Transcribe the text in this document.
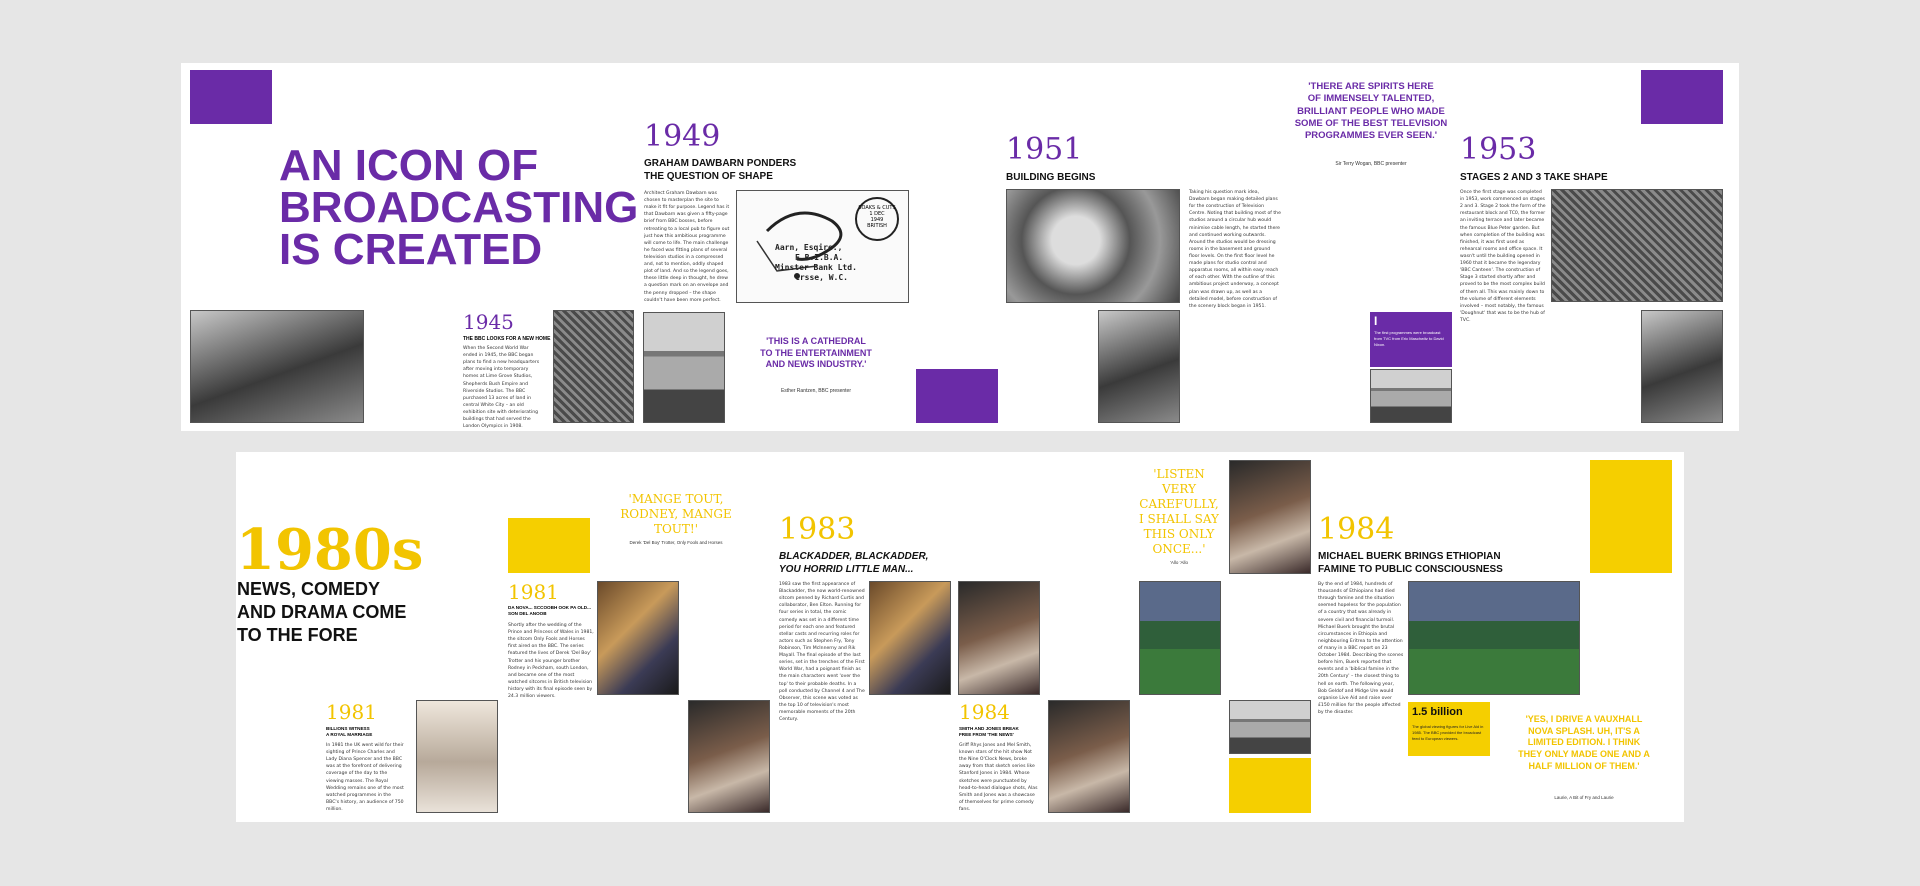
AN ICON OF
BROADCASTING
IS CREATED
1945
THE BBC LOOKS FOR A NEW HOME
When the Second World War ended in 1945, the BBC began plans to find a new headquarters after moving into temporary homes at Lime Grove Studios, Shepherds Bush Empire and Riverside Studios. The BBC purchased 13 acres of land in central White City – an old exhibition site with deteriorating buildings that had served the London Olympics in 1908.
1949
GRAHAM DAWBARN PONDERS
THE QUESTION OF SHAPE
Architect Graham Dawbarn was chosen to masterplan the site to make it fit for purpose. Legend has it that Dawbarn was given a fifty-page brief from BBC bosses, before retreating to a local pub to figure out just how this ambitious programme will come to life. The main challenge he faced was fitting plans of several television studios in a compressed and, not to mention, oddly shaped plot of land. And so the legend goes, these little deep in thought, he drew a question mark on an envelope and the penny dropped – the shape couldn't have been more perfect.
SOAKS & CUTS
1 DEC
1949
BRITISH
Aarn, Esqire.,
F.R.I.B.A.
Minster Bank Ltd.
Crsse, W.C.
'THIS IS A CATHEDRAL
TO THE ENTERTAINMENT
AND NEWS INDUSTRY.'
Esther Rantzen, BBC presenter
1951
BUILDING BEGINS
Taking his question mark idea, Dawbarn began making detailed plans for the construction of Television Centre. Noting that building most of the studios around a circular hub would minimise cable length, he started there and continued working outwards. Around the studios would be dressing rooms in the basement and ground floor levels. On the first floor level he made plans for studio control and apparatus rooms, all within easy reach of each other. With the outline of this ambitious project underway, a concept plan was drawn up, as well as a detailed model, before construction of the scenery block began in 1951.
'THERE ARE SPIRITS HERE
OF IMMENSELY TALENTED,
BRILLIANT PEOPLE WHO MADE
SOME OF THE BEST TELEVISION
PROGRAMMES EVER SEEN.'
Sir Terry Wogan, BBC presenter
I
The first programmes were broadcast from TVC from Eric Maschwitz to David Nixon.
1953
STAGES 2 AND 3 TAKE SHAPE
Once the first stage was completed in 1953, work commenced on stages 2 and 3. Stage 2 took the form of the restaurant block and TC0, the former an inviting terrace and later became the famous Blue Peter garden. But when completion of the building was finished, it was first used as rehearsal rooms and office space. It wasn't until the building opened in 1960 that it became the legendary 'BBC Canteen'. The construction of Stage 3 started shortly after and proved to be the most complex build of them all. This was mainly down to the volume of different elements involved – most notably, the famous 'Doughnut' that was to be the hub of TVC.
1980s
NEWS, COMEDY
AND DRAMA COME
TO THE FORE
'MANGE TOUT,
RODNEY, MANGE
TOUT!'
Derek 'Del Boy' Trotter, Only Fools and Horses
1981
DA NOVA... SCCOOBH OOK PA OLD...
SON DEL ANOOB
Shortly after the wedding of the Prince and Princess of Wales in 1981, the sitcom Only Fools and Horses first aired on the BBC. The series featured the lives of Derek 'Del Boy' Trotter and his younger brother Rodney in Peckham, south London, and became one of the most watched sitcoms in British television history with its final episode seen by 24.3 million viewers.
1981
BILLIONS WITNESS
A ROYAL MARRIAGE
In 1981 the UK went wild for their sighting of Prince Charles and Lady Diana Spencer and the BBC was at the forefront of delivering coverage of the day to the viewing masses. The Royal Wedding remains one of the most watched programmes in the BBC's history, an audience of 750 million.
1983
BLACKADDER, BLACKADDER,
YOU HORRID LITTLE MAN...
1983 saw the first appearance of Blackadder, the now world-renowned sitcom penned by Richard Curtis and collaborator, Ben Elton. Running for four series in total, the comic comedy was set in a different time period for each one and featured stellar casts and recurring roles for actors such as Stephen Fry, Tony Robinson, Tim McInnerny and Rik Mayall. The final episode of the last series, set in the trenches of the First World War, had a poignant finish as the main characters went 'over the top' to their probable deaths. In a poll conducted by Channel 4 and The Observer, this scene was voted as the top 10 of television's most memorable moments of the 20th Century.	1984
SMITH AND JONES BREAK
FREE FROM 'THE NEWS'
Griff Rhys Jones and Mel Smith, known stars of the hit show Not the Nine O'Clock News, broke away from that sketch series like Stanford Jones in 1984. Whose sketches were punctuated by head-to-head dialogue shots, Alas Smith and Jones was a showcase of themselves for prime comedy fans.
'LISTEN
VERY
CAREFULLY,
I SHALL SAY
THIS ONLY
ONCE...'
'Allo 'Allo
1984
MICHAEL BUERK BRINGS ETHIOPIAN
FAMINE TO PUBLIC CONSCIOUSNESS
By the end of 1984, hundreds of thousands of Ethiopians had died through famine and the situation seemed hopeless for the population of a country that was already in severe civil and financial turmoil. Michael Buerk brought the brutal circumstances in Ethiopia and neighbouring Eritrea to the attention of many in a BBC report on 23 October 1984. Describing the scenes before him, Buerk reported that events and a 'biblical famine in the 20th Century' – the closest thing to hell on earth. The following year, Bob Geldof and Midge Ure would organise Live Aid and raise over £150 million for the people affected by the disaster.	1.5 billion
The global viewing figures for Live Aid in 1985. The BBC provided the broadcast feed to European viewers.
'YES, I DRIVE A VAUXHALL
NOVA SPLASH. UH, IT'S A
LIMITED EDITION. I THINK
THEY ONLY MADE ONE AND A
HALF MILLION OF THEM.'
Laurie, A Bit of Fry and Laurie
